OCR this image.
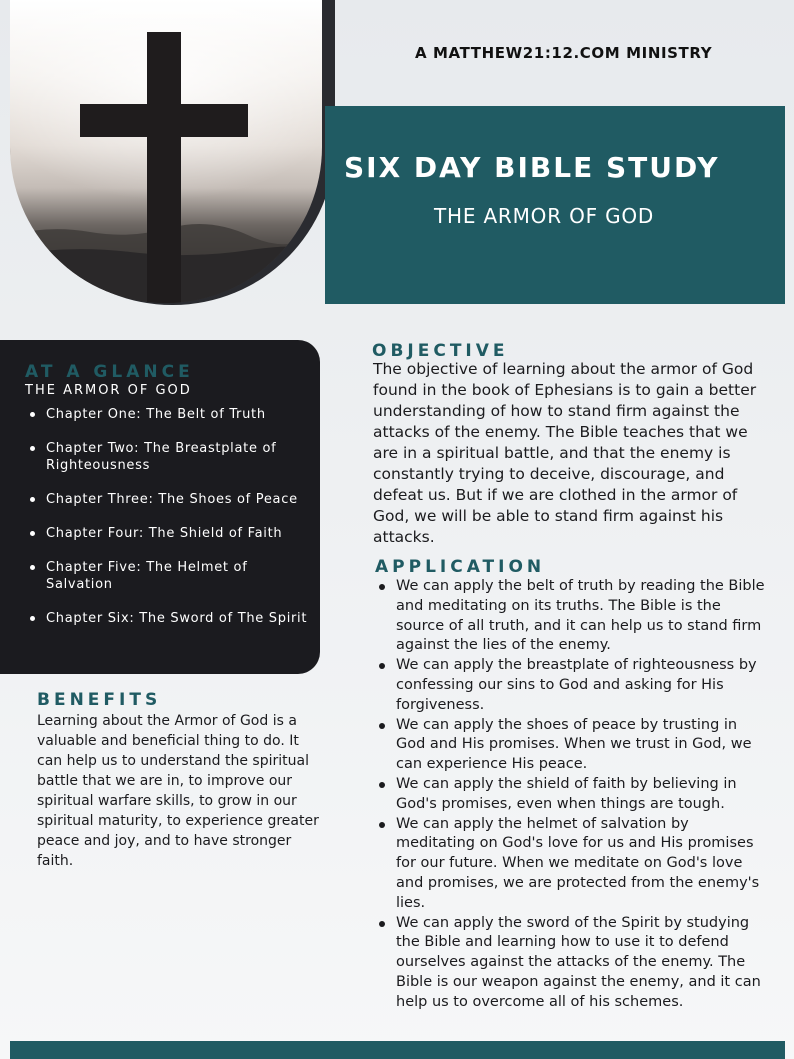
A MATTHEW21:12.COM MINISTRY
SIX DAY BIBLE STUDY
THE ARMOR OF GOD
AT A GLANCE
THE ARMOR OF GOD
Chapter One: The Belt of Truth
Chapter Two: The Breastplate of Righteousness
Chapter Three: The Shoes of Peace
Chapter Four: The Shield of Faith
Chapter Five: The Helmet of Salvation
Chapter Six: The Sword of The Spirit
BENEFITS
Learning about the Armor of God is a valuable and beneficial thing to do. It can help us to understand the spiritual battle that we are in, to improve our spiritual warfare skills, to grow in our spiritual maturity, to experience greater peace and joy, and to have stronger faith.
OBJECTIVE
The objective of learning about the armor of God found in the book of Ephesians is to gain a better understanding of how to stand firm against the attacks of the enemy. The Bible teaches that we are in a spiritual battle, and that the enemy is constantly trying to deceive, discourage, and defeat us. But if we are clothed in the armor of God, we will be able to stand firm against his attacks.
APPLICATION
We can apply the belt of truth by reading the Bible and meditating on its truths. The Bible is the source of all truth, and it can help us to stand firm against the lies of the enemy.
We can apply the breastplate of righteousness by confessing our sins to God and asking for His forgiveness.
We can apply the shoes of peace by trusting in God and His promises. When we trust in God, we can experience His peace.
We can apply the shield of faith by believing in God's promises, even when things are tough.
We can apply the helmet of salvation by meditating on God's love for us and His promises for our future. When we meditate on God's love and promises, we are protected from the enemy's lies.
We can apply the sword of the Spirit by studying the Bible and learning how to use it to defend ourselves against the attacks of the enemy. The Bible is our weapon against the enemy, and it can help us to overcome all of his schemes.
